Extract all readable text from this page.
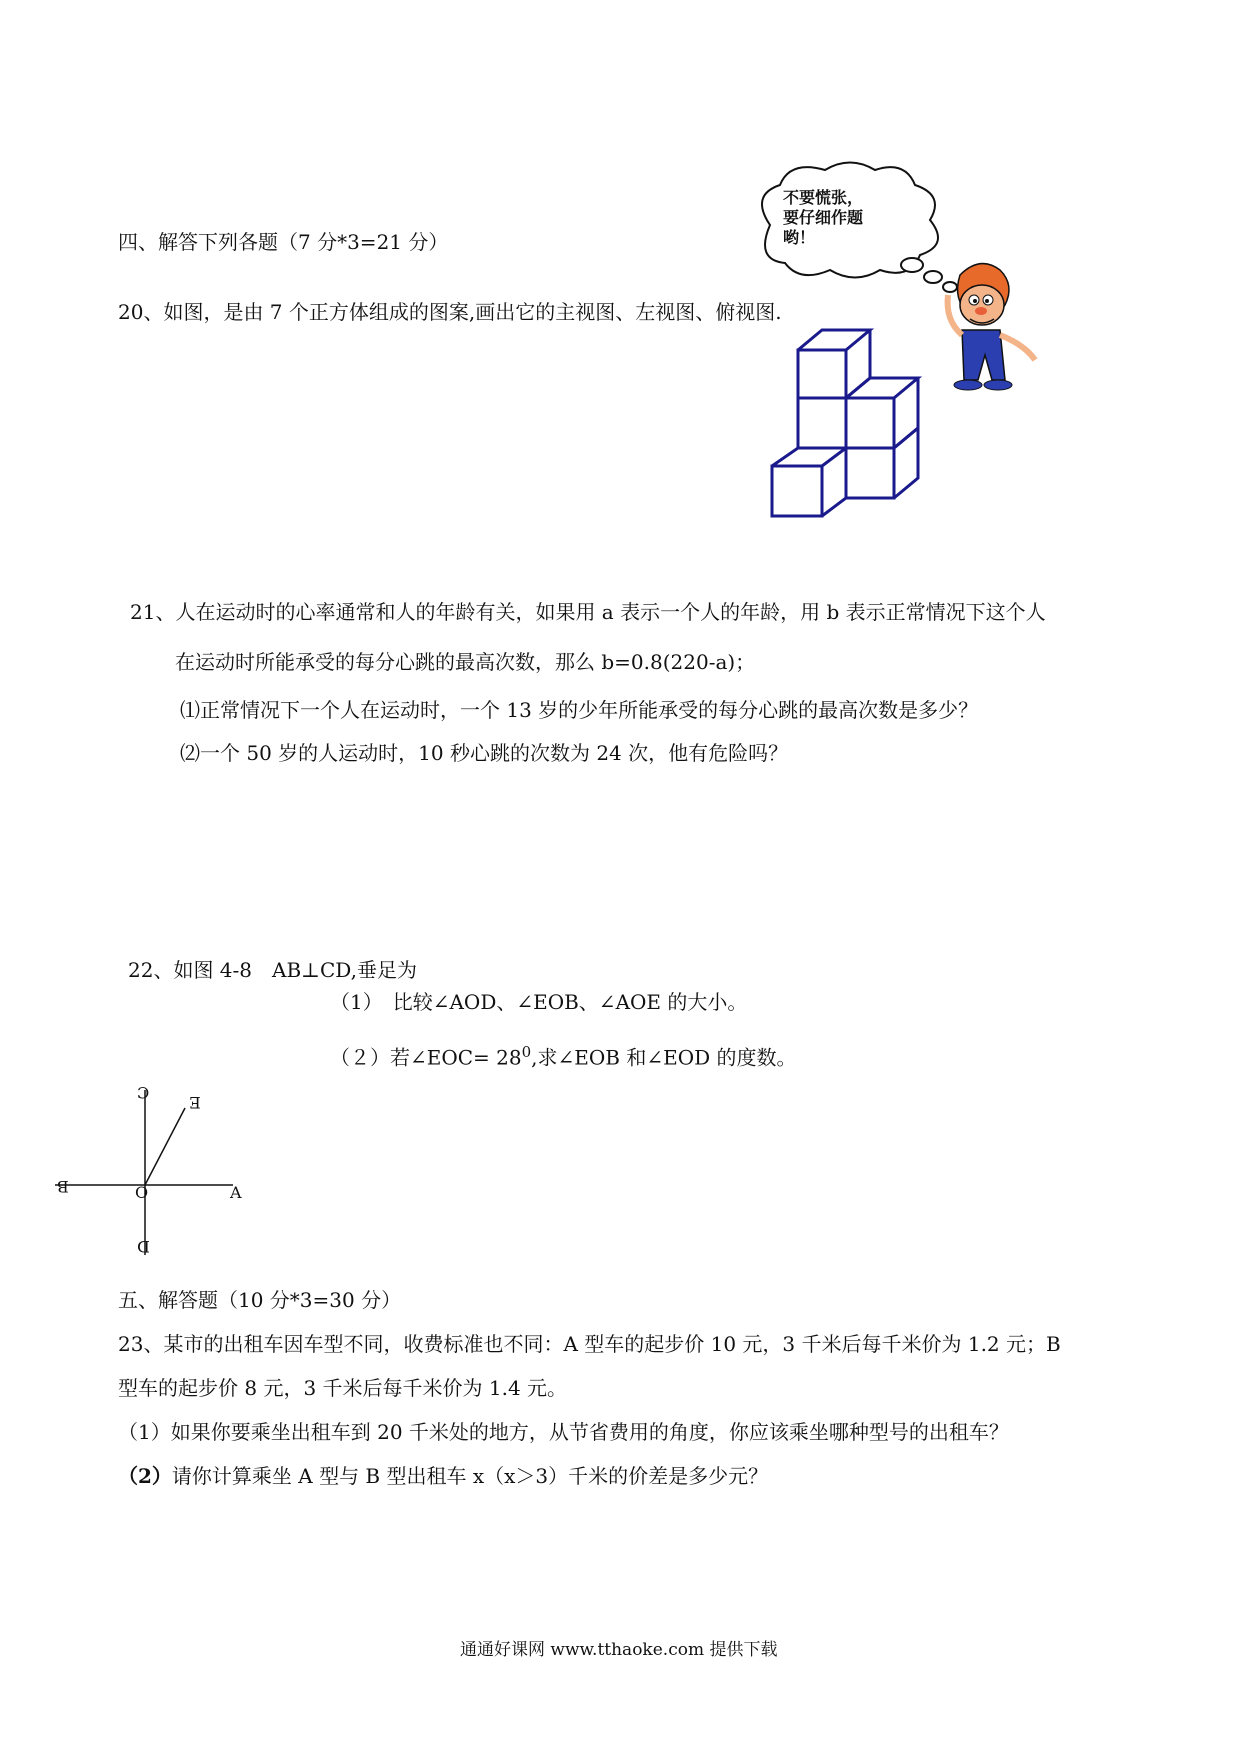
四、解答下列各题（7 分*3=21 分）
20、如图，是由 7 个正方体组成的图案,画出它的主视图、左视图、俯视图.
不要慌张，
要仔细作题
哟！
21、人在运动时的心率通常和人的年龄有关，如果用 a 表示一个人的年龄，用 b 表示正常情况下这个人
在运动时所能承受的每分心跳的最高次数，那么 b=0.8(220-a)；
⑴正常情况下一个人在运动时，一个 13 岁的少年所能承受的每分心跳的最高次数是多少？
⑵一个 50 岁的人运动时，10 秒心跳的次数为 24 次，他有危险吗？
22、如图 4-8　AB⊥CD,垂足为
（1）　比较∠AOD、∠EOB、∠AOE 的大小。
（２）若∠EOC= $28^0$,求∠EOB 和∠EOD 的度数。
C
E
B	O	A
D
五、解答题（10 分*3=30 分）
23、某市的出租车因车型不同，收费标准也不同：A 型车的起步价 10 元，3 千米后每千米价为 1.2 元；B
型车的起步价 8 元，3 千米后每千米价为 1.4 元。
（1）如果你要乘坐出租车到 20 千米处的地方，从节省费用的角度，你应该乘坐哪种型号的出租车？
（2）请你计算乘坐 A 型与 B 型出租车 x（x＞3）千米的价差是多少元？
通通好课网 www.tthaoke.com 提供下载
